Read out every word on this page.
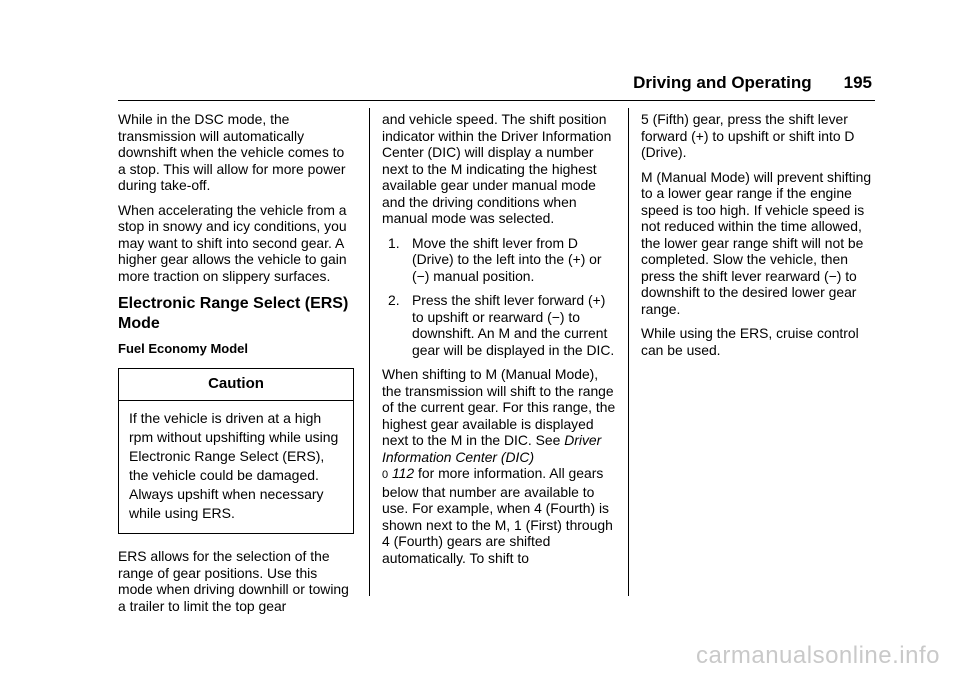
Driving and Operating 195

While in the DSC mode, the transmission will automatically downshift when the vehicle comes to a stop. This will allow for more power during take-off.

When accelerating the vehicle from a stop in snowy and icy conditions, you may want to shift into second gear. A higher gear allows the vehicle to gain more traction on slippery surfaces.

Electronic Range Select (ERS) Mode
Fuel Economy Model
Caution
If the vehicle is driven at a high rpm without upshifting while using Electronic Range Select (ERS), the vehicle could be damaged. Always upshift when necessary while using ERS.

ERS allows for the selection of the range of gear positions. Use this mode when driving downhill or towing a trailer to limit the top gear

and vehicle speed. The shift position indicator within the Driver Information Center (DIC) will display a number next to the M indicating the highest available gear under manual mode and the driving conditions when manual mode was selected.

1. Move the shift lever from D (Drive) to the left into the (+) or (−) manual position.
2. Press the shift lever forward (+) to upshift or rearward (−) to downshift. An M and the current gear will be displayed in the DIC.

When shifting to M (Manual Mode), the transmission will shift to the range of the current gear. For this range, the highest gear available is displayed next to the M in the DIC. See Driver Information Center (DIC)
0 112 for more information. All gears below that number are available to use. For example, when 4 (Fourth) is shown next to the M, 1 (First) through 4 (Fourth) gears are shifted automatically. To shift to

5 (Fifth) gear, press the shift lever forward (+) to upshift or shift into D (Drive).

M (Manual Mode) will prevent shifting to a lower gear range if the engine speed is too high. If vehicle speed is not reduced within the time allowed, the lower gear range shift will not be completed. Slow the vehicle, then press the shift lever rearward (−) to downshift to the desired lower gear range.

While using the ERS, cruise control can be used.

carmanualsonline.info
